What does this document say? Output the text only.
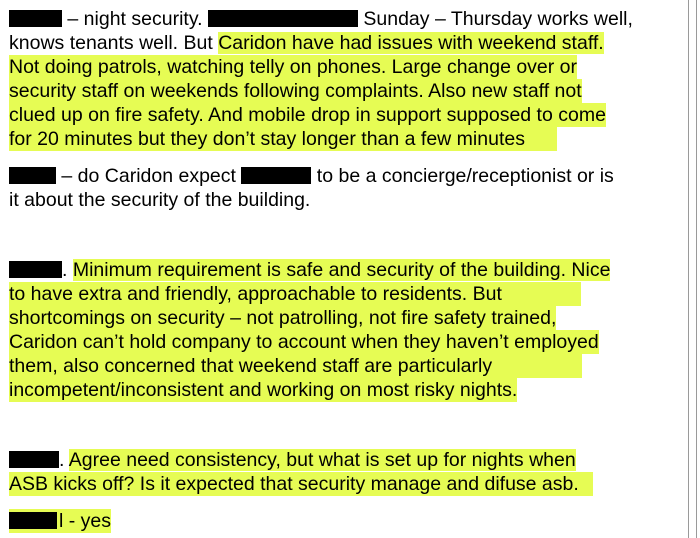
– night security.	Sunday – Thursday works well,
knows tenants well. But Caridon have had issues with weekend staff.
Not doing patrols, watching telly on phones. Large change over or
security staff on weekends following complaints. Also new staff not
clued up on fire safety. And mobile drop in support supposed to come
for 20 minutes but they don’t stay longer than a few minutes
– do Caridon expect	to be a concierge/receptionist or is
it about the security of the building.
. Minimum requirement is safe and security of the building. Nice
to have extra and friendly, approachable to residents. But
shortcomings on security – not patrolling, not fire safety trained,
Caridon can’t hold company to account when they haven’t employed
them, also concerned that weekend staff are particularly
incompetent/inconsistent and working on most risky nights.
. Agree need consistency, but what is set up for nights when
ASB kicks off? Is it expected that security manage and difuse asb.
l - yes
